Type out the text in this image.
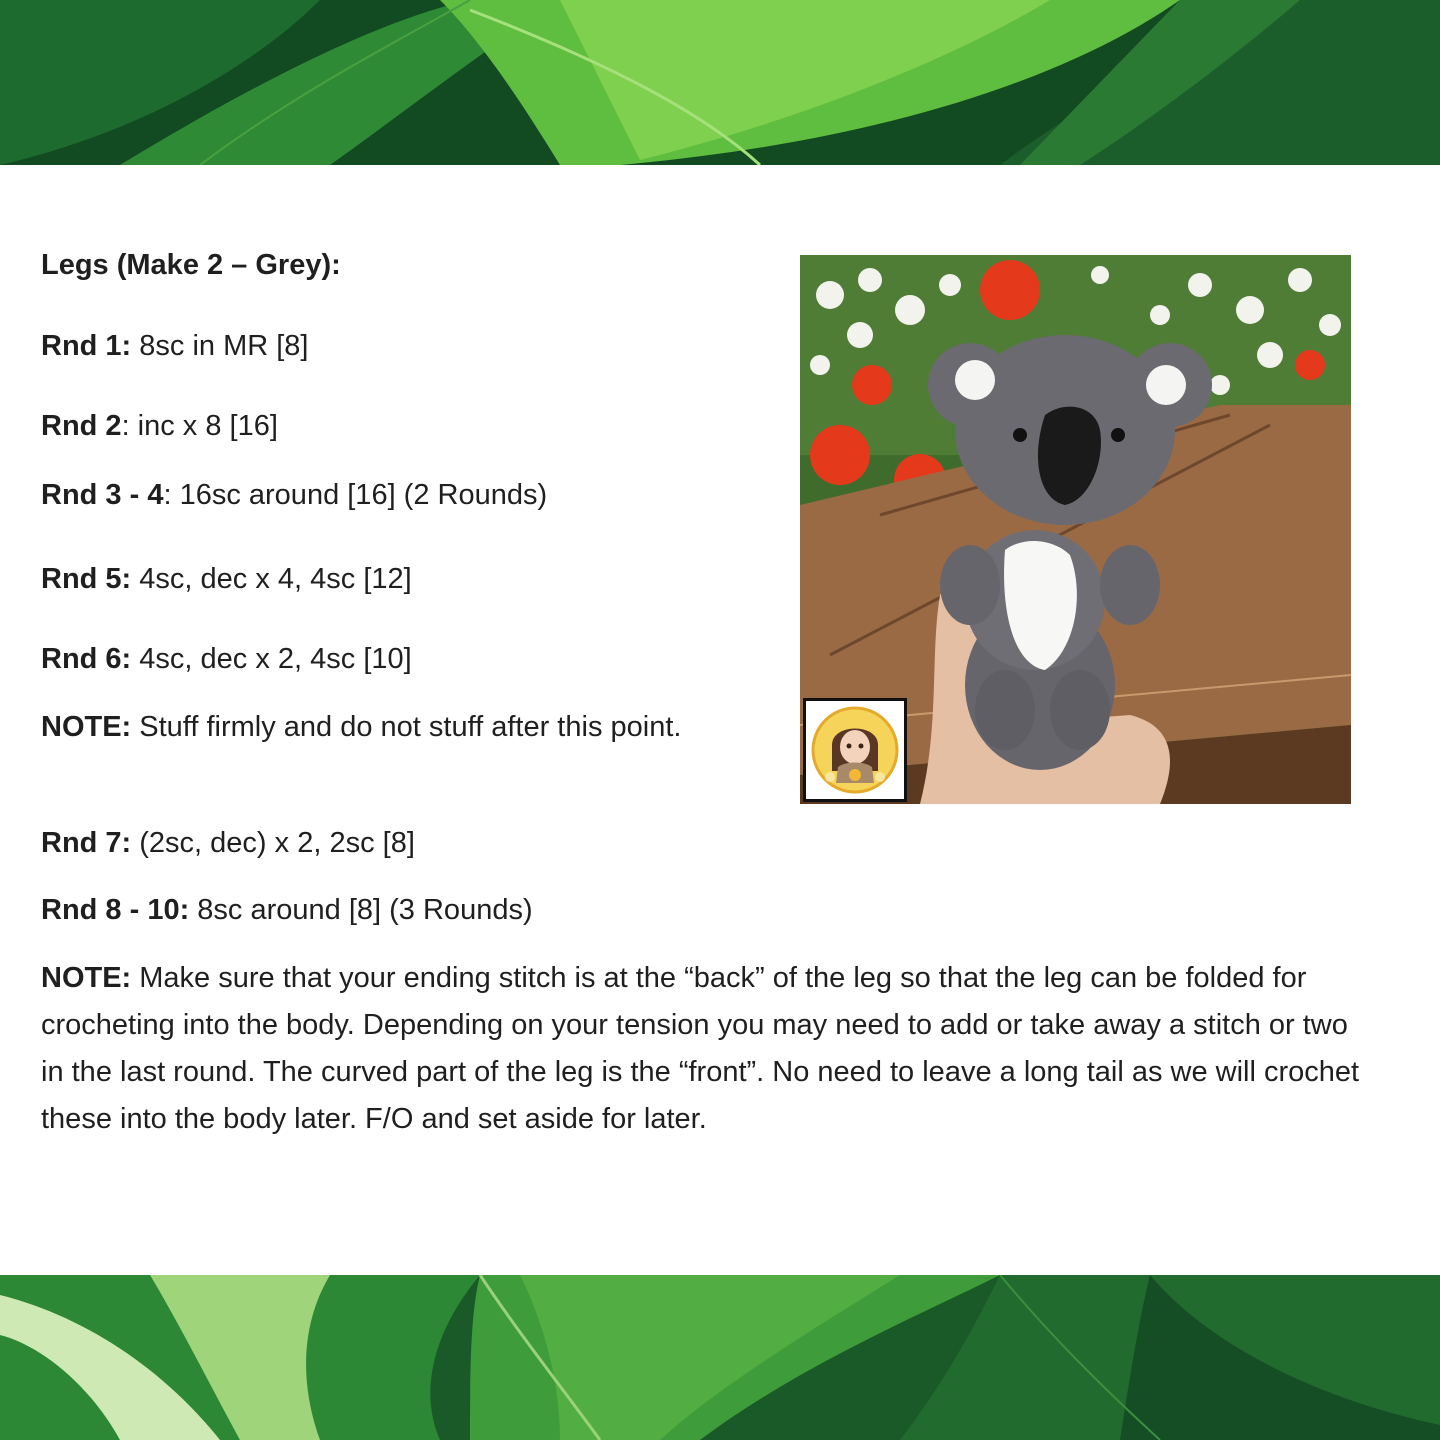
Legs (Make 2 – Grey):
Rnd 1: 8sc in MR [8]
Rnd 2: inc x 8 [16]
Rnd 3 - 4: 16sc around [16] (2 Rounds)
Rnd 5: 4sc, dec x 4, 4sc [12]
Rnd 6: 4sc, dec x 2, 4sc [10]
NOTE: Stuff firmly and do not stuff after this point.
Rnd 7: (2sc, dec) x 2, 2sc [8]
Rnd 8 - 10: 8sc around [8] (3 Rounds)
NOTE: Make sure that your ending stitch is at the “back” of the leg so that the leg can be folded for crocheting into the body. Depending on your tension you may need to add or take away a stitch or two in the last round. The curved part of the leg is the “front”. No need to leave a long tail as we will crochet these into the body later. F/O and set aside for later.
